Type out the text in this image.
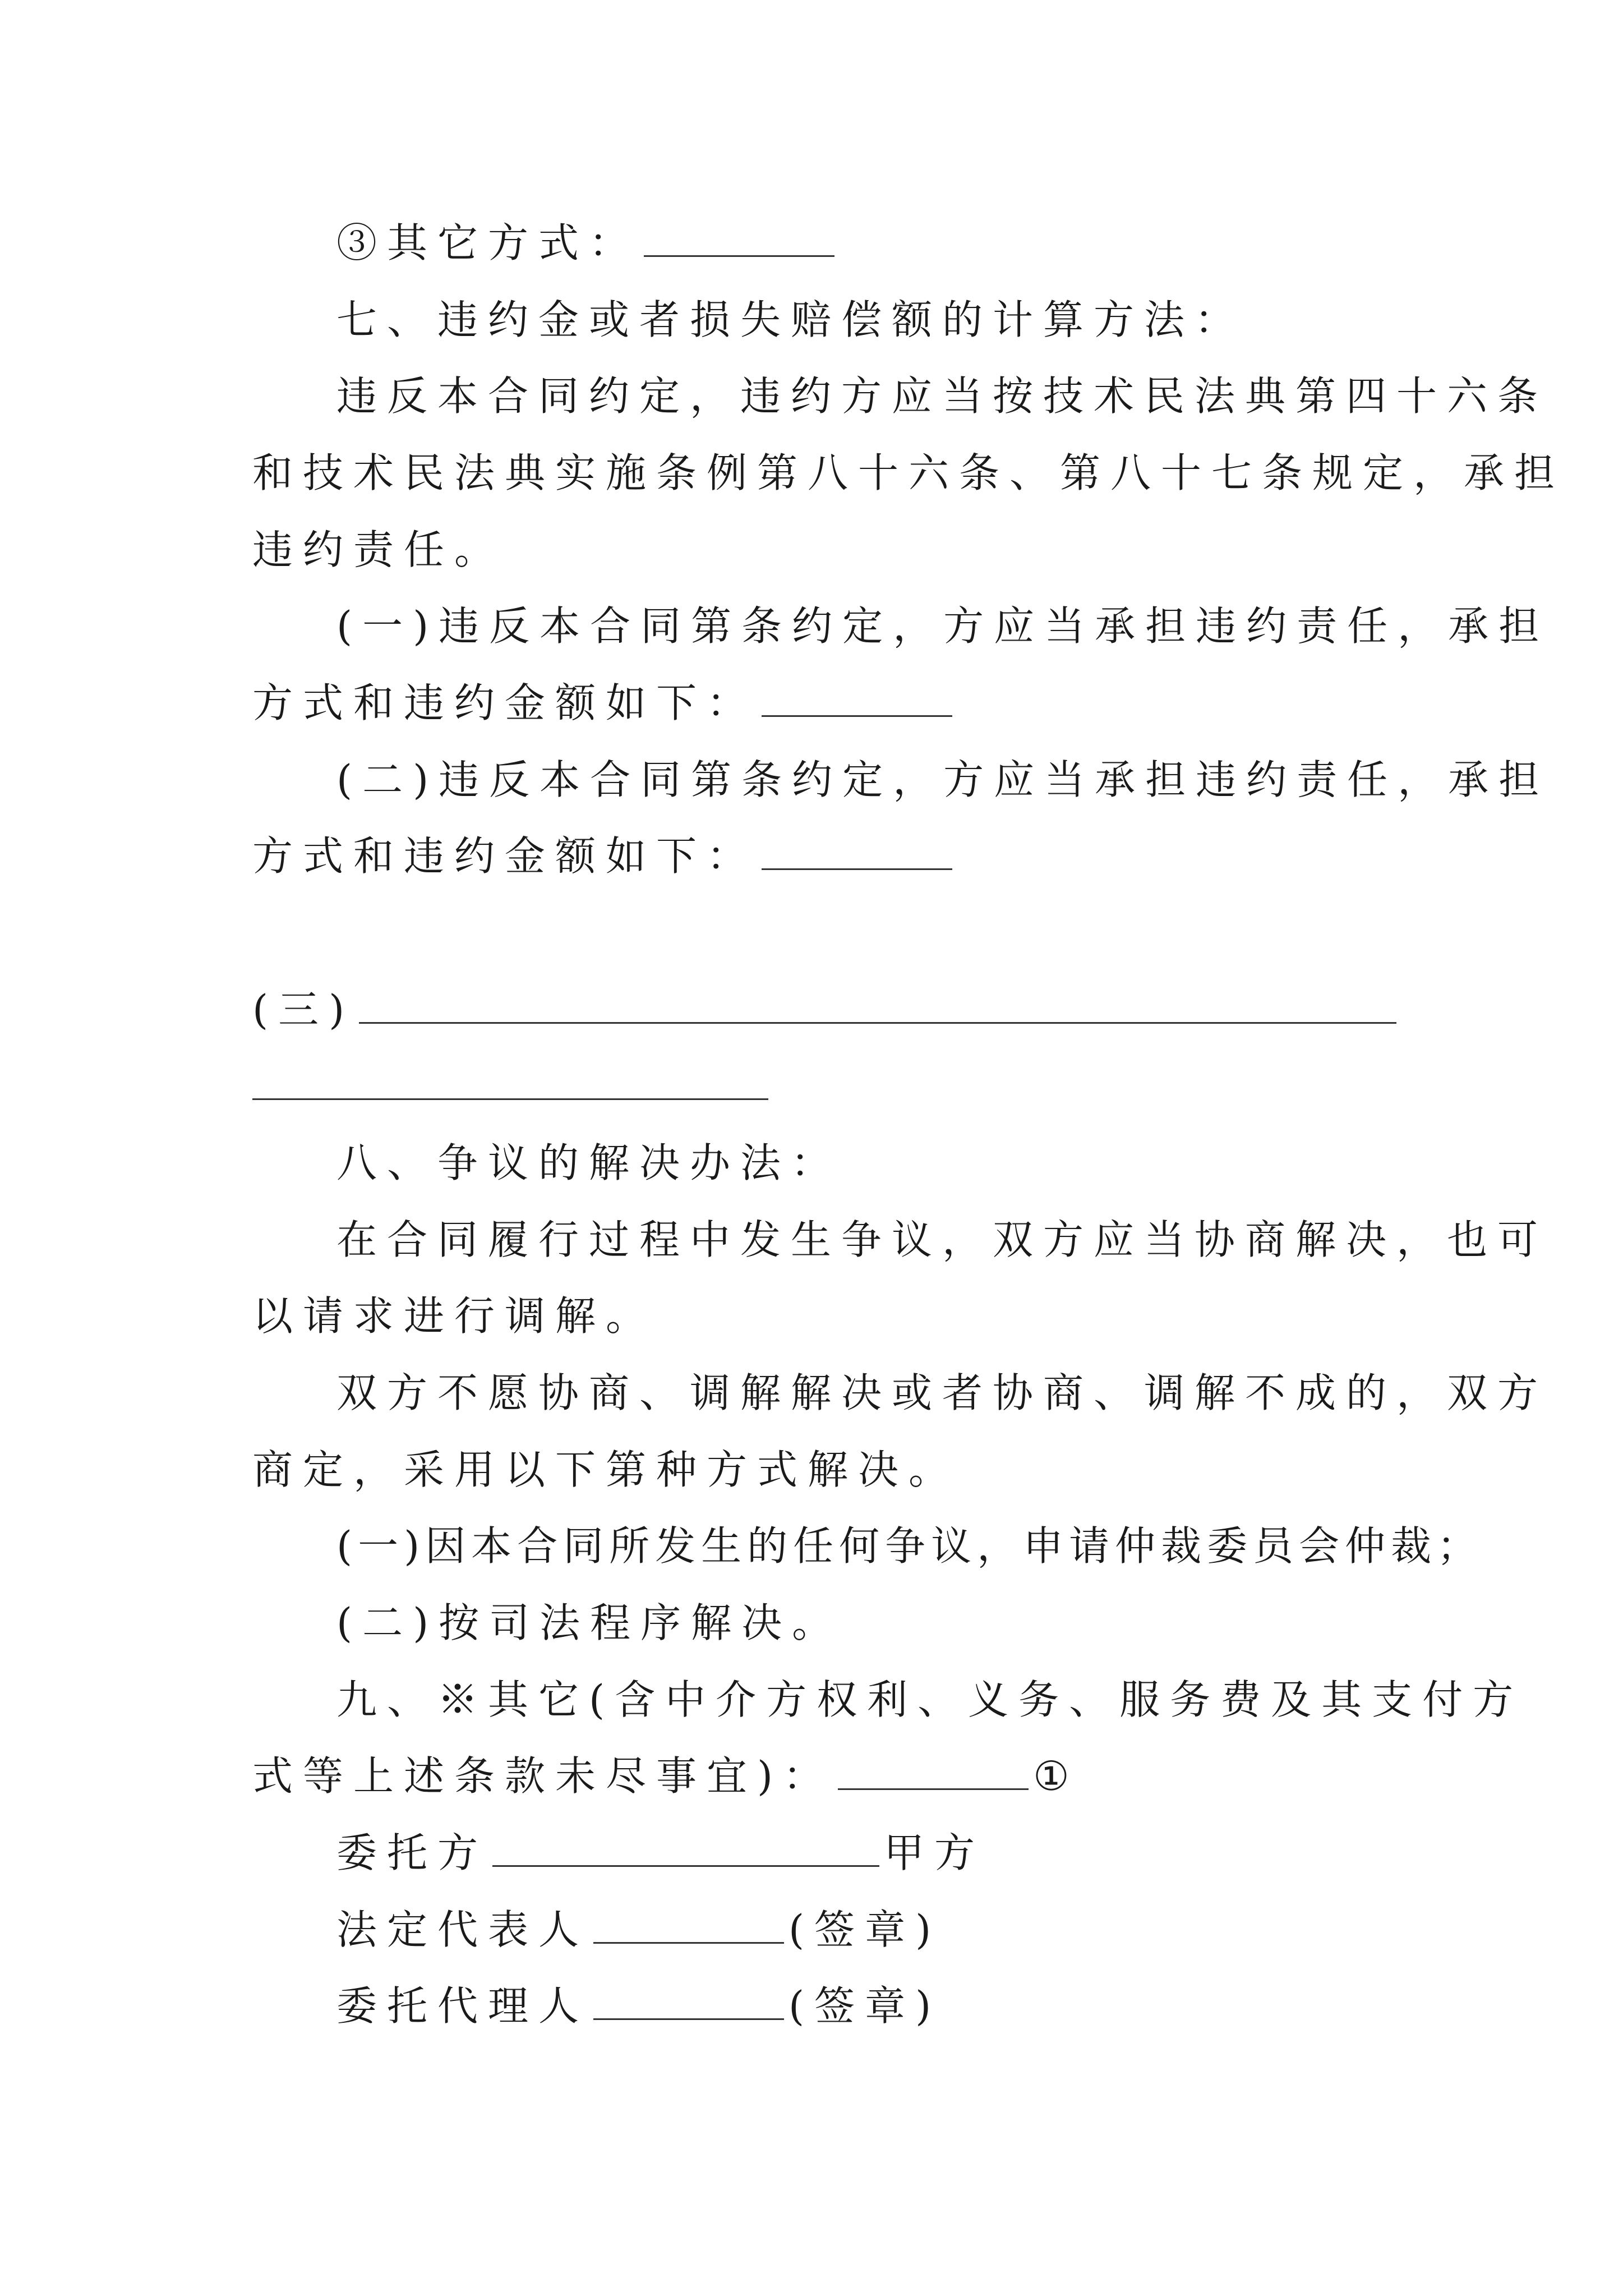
③其它方式：
七、违约金或者损失赔偿额的计算方法：
违反本合同约定，违约方应当按技术民法典第四十六条
和技术民法典实施条例第八十六条、第八十七条规定，承担
违约责任。
(一)违反本合同第条约定，方应当承担违约责任，承担
方式和违约金额如下：
(二)违反本合同第条约定，方应当承担违约责任，承担
方式和违约金额如下：
(三)
八、争议的解决办法：
在合同履行过程中发生争议，双方应当协商解决，也可
以请求进行调解。
双方不愿协商、调解解决或者协商、调解不成的，双方
商定，采用以下第种方式解决。
(一)因本合同所发生的任何争议，申请仲裁委员会仲裁；
(二)按司法程序解决。
九、※其它(含中介方权利、义务、服务费及其支付方
式等上述条款未尽事宜)：	①
委托方	甲方
法定代表人	(签章)
委托代理人	(签章)
